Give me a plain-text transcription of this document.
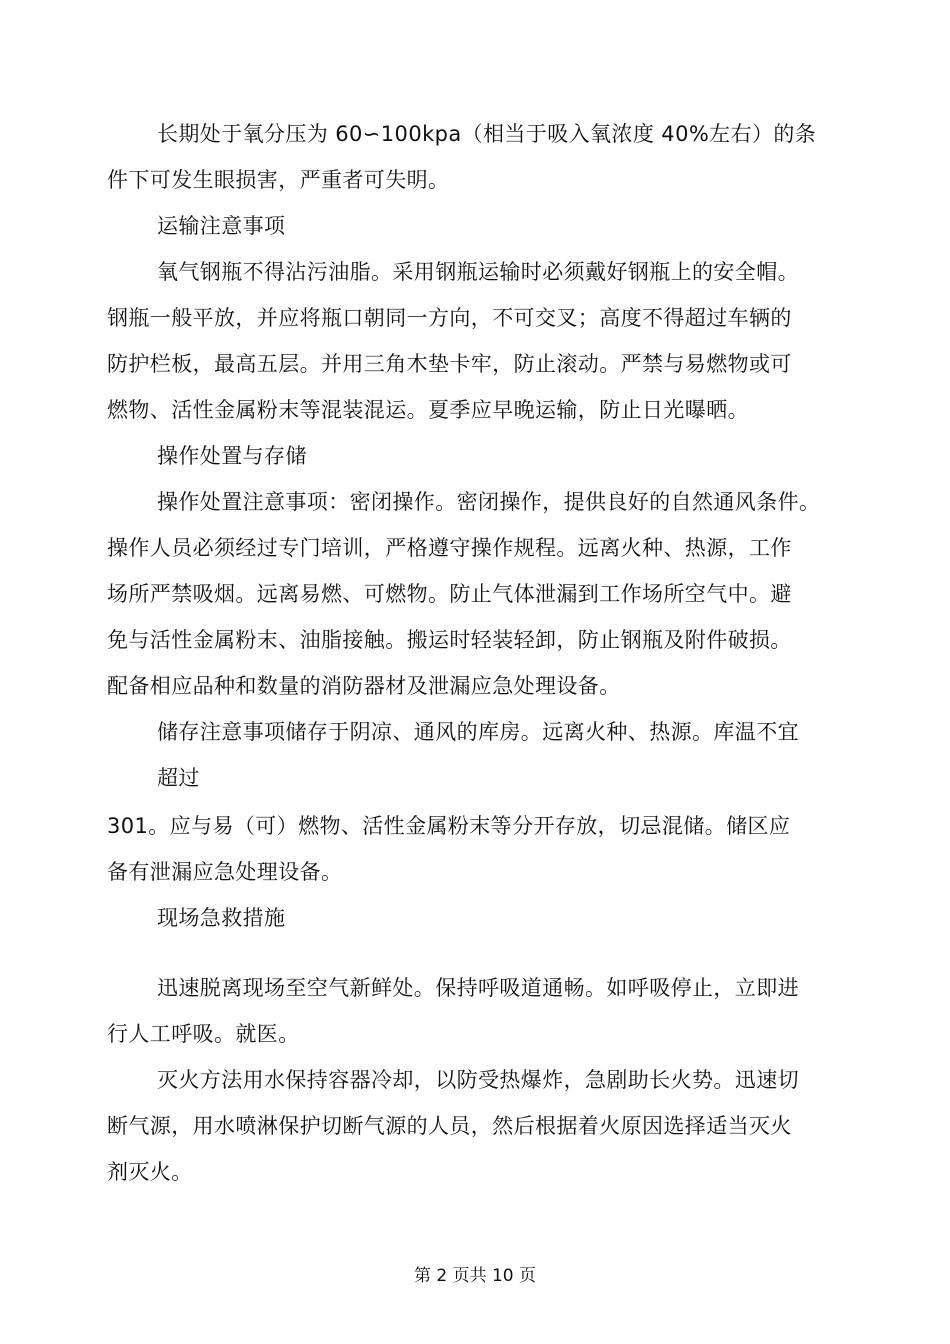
长期处于氧分压为 60∽100kpa（相当于吸入氧浓度 40%左右）的条
件下可发生眼损害，严重者可失明。
运输注意事项
氧气钢瓶不得沾污油脂。采用钢瓶运输时必须戴好钢瓶上的安全帽。
钢瓶一般平放，并应将瓶口朝同一方向，不可交叉；高度不得超过车辆的
防护栏板，最高五层。并用三角木垫卡牢，防止滚动。严禁与易燃物或可
燃物、活性金属粉末等混装混运。夏季应早晚运输，防止日光曝晒。
操作处置与存储
操作处置注意事项：密闭操作。密闭操作，提供良好的自然通风条件。
操作人员必须经过专门培训，严格遵守操作规程。远离火种、热源，工作
场所严禁吸烟。远离易燃、可燃物。防止气体泄漏到工作场所空气中。避
免与活性金属粉末、油脂接触。搬运时轻装轻卸，防止钢瓶及附件破损。
配备相应品种和数量的消防器材及泄漏应急处理设备。
储存注意事项储存于阴凉、通风的库房。远离火种、热源。库温不宜
超过
301。应与易（可）燃物、活性金属粉末等分开存放，切忌混储。储区应
备有泄漏应急处理设备。
现场急救措施
迅速脱离现场至空气新鲜处。保持呼吸道通畅。如呼吸停止，立即进
行人工呼吸。就医。
灭火方法用水保持容器冷却，以防受热爆炸，急剧助长火势。迅速切
断气源，用水喷淋保护切断气源的人员，然后根据着火原因选择适当灭火
剂灭火。
第 2 页共 10 页
